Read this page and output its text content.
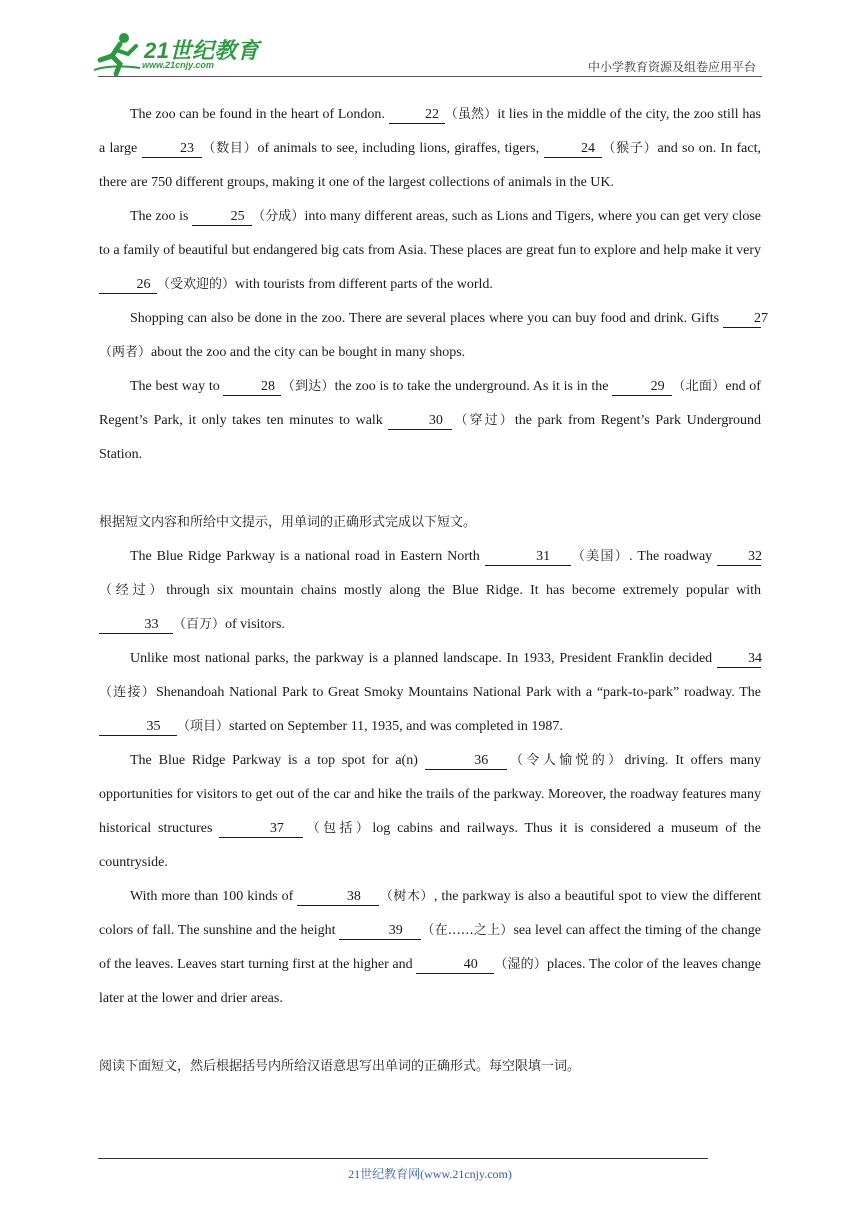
21世纪教育
www.21cnjy.com	中小学教育资源及组卷应用平台

The zoo can be found in the heart of London.	22 （虽然）it lies in the middle of the city, the zoo still has a large	23 （数目）of animals to see, including lions, giraffes, tigers,	24 （猴子）and so on. In fact, there are 750 different groups, making it one of the largest collections of animals in the UK.

The zoo is	25 （分成）into many different areas, such as Lions and Tigers, where you can get very close to a family of beautiful but endangered big cats from Asia. These places are great fun to explore and help make it very 26 （受欢迎的）with tourists from different parts of the world.

Shopping can also be done in the zoo. There are several places where you can buy food and drink. Gifts 27（两者）about the zoo and the city can be bought in many shops.

The best way to	28 （到达）the zoo is to take the underground. As it is in the	29 （北面）end of Regent’s Park, it only takes ten minutes to walk	30 （穿过）the park from Regent’s Park Underground Station.

根据短文内容和所给中文提示，用单词的正确形式完成以下短文。

The Blue Ridge Parkway is a national road in Eastern North	31 （美国）. The roadway 32（经过）through six mountain chains mostly along the Blue Ridge. It has become extremely popular with 33 （百万）of visitors.

Unlike most national parks, the parkway is a planned landscape. In 1933, President Franklin decided 34（连接）Shenandoah National Park to Great Smoky Mountains National Park with a “park-to-park” roadway. The 35 （项目）started on September 11, 1935, and was completed in 1987.

The Blue Ridge Parkway is a top spot for a(n)	36 （令人愉悦的）driving. It offers many opportunities for visitors to get out of the car and hike the trails of the parkway. Moreover, the roadway features many historical structures	37 （包括）log cabins and railways. Thus it is considered a museum of the countryside.

With more than 100 kinds of	38 （树木）, the parkway is also a beautiful spot to view the different colors of fall. The sunshine and the height	39 （在……之上）sea level can affect the timing of the change of the leaves. Leaves start turning first at the higher and	40 （湿的）places. The color of the leaves change later at the lower and drier areas.

阅读下面短文，然后根据括号内所给汉语意思写出单词的正确形式。每空限填一词。

21世纪教育网(www.21cnjy.com)
